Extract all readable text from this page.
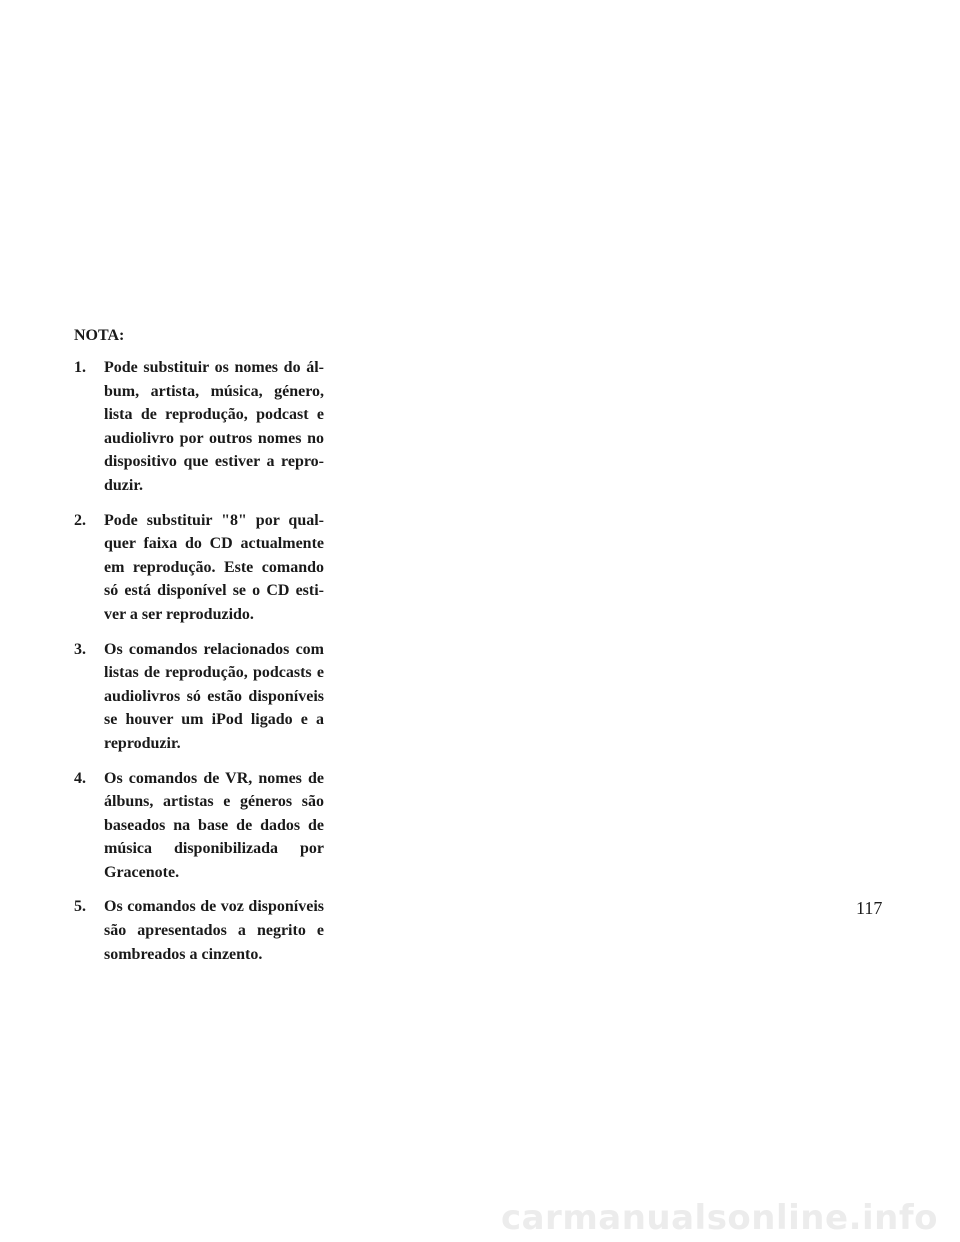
NOTA:
1. Pode substituir os nomes do álbum, artista, música, género, lista de reprodução, podcast e audiolivro por outros nomes no dispositivo que estiver a reproduzir.
2. Pode substituir "8" por qualquer faixa do CD actualmente em reprodução. Este comando só está disponível se o CD estiver a ser reproduzido.
3. Os comandos relacionados com listas de reprodução, podcasts e audiolivros só estão disponíveis se houver um iPod ligado e a reproduzir.
4. Os comandos de VR, nomes de álbuns, artistas e géneros são baseados na base de dados de música disponibilizada por Gracenote.
5. Os comandos de voz disponíveis são apresentados a negrito e sombreados a cinzento.
117
carmanualsonline.info
